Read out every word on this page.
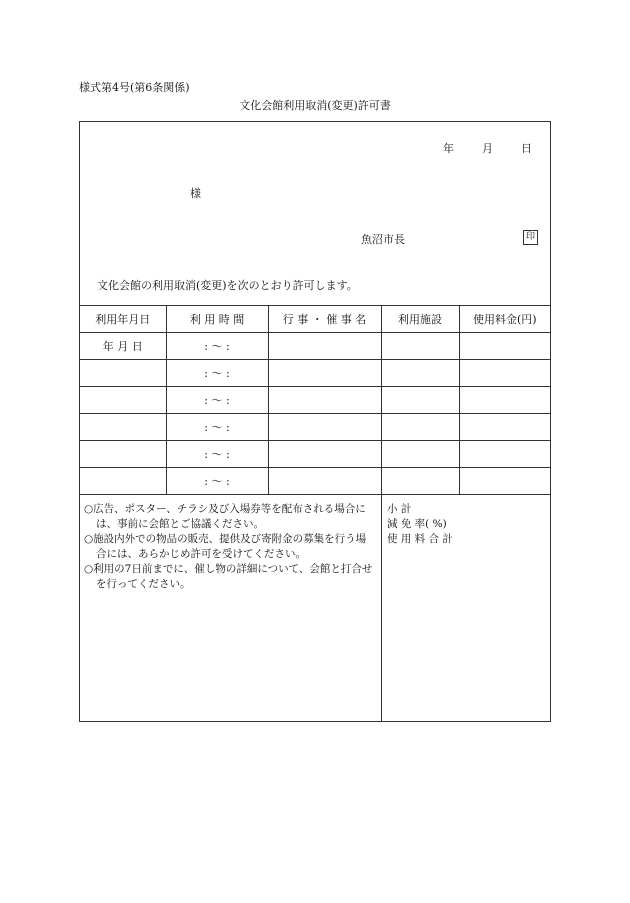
様式第4号(第6条関係)
文化会館利用取消(変更)許可書
年	月	日
様
魚沼市長	印
文化会館の利用取消(変更)を次のとおり許可します。
利用年月日	利 用 時 間	行 事 ・ 催 事 名	利用施設	使用料金(円)
年 月 日	: 〜 :			
	: 〜 :			
	: 〜 :			
	: 〜 :			
	: 〜 :			
	: 〜 :			
○広告、ポスター、チラシ及び入場券等を配布される場合には、事前に会館とご協議ください。
○施設内外での物品の販売、提供及び寄附金の募集を行う場合には、あらかじめ許可を受けてください。
○利用の7日前までに、催し物の詳細について、会館と打合せを行ってください。
小 計
減 免 率( %)
使 用 料 合 計
